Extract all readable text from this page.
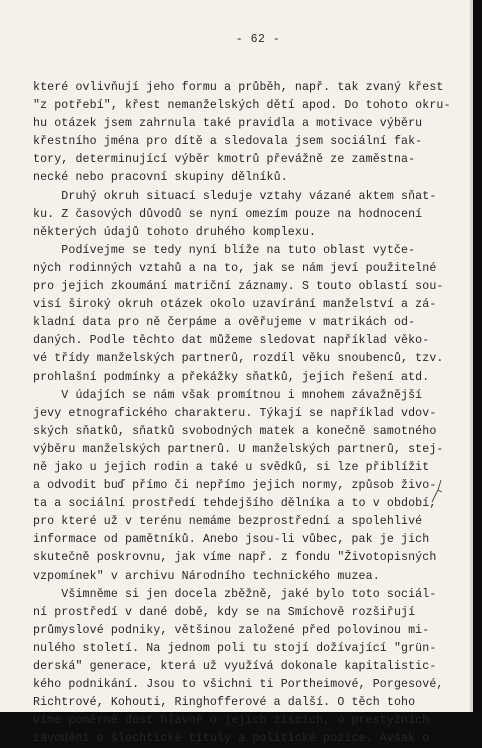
- 62 -
které ovlivňují jeho formu a průběh, např. tak zvaný křest
"z potřebí", křest nemanželských dětí apod. Do tohoto okru-
hu otázek jsem zahrnula také pravidla a motivace výběru
křestního jména pro dítě a sledovala jsem sociální fak-
tory, determinující výběr kmotrů převážně ze zaměstna-
necké nebo pracovní skupiny dělníků.
Druhý okruh situací sleduje vztahy vázané aktem sňat-
ku. Z časových důvodů se nyní omezím pouze na hodnocení
některých údajů tohoto druhého komplexu.
Podívejme se tedy nyní blíže na tuto oblast vytče-
ných rodinných vztahů a na to, jak se nám jeví použitelné
pro jejich zkoumání matriční záznamy. S touto oblastí sou-
visí široký okruh otázek okolo uzavírání manželství a zá-
kladní data pro ně čerpáme a ověřujeme v matrikách od-
daných. Podle těchto dat můžeme sledovat například věko-
vé třídy manželských partnerů, rozdíl věku snoubenců, tzv.
prohlašní podmínky a překážky sňatků, jejich řešení atd.
V údajích se nám však promítnou i mnohem závažnější
jevy etnografického charakteru. Týkají se například vdov-
ských sňatků, sňatků svobodných matek a konečně samotného
výběru manželských partnerů. U manželských partnerů, stej-
ně jako u jejich rodin a také u svědků, si lze přiblížit
a odvodit buď přímo či nepřímo jejich normy, způsob živo-
ta a sociální prostředí tehdejšího dělníka a to v období,
pro které už v terénu nemáme bezprostřední a spolehlivé
informace od pamětníků. Anebo jsou-li vůbec, pak je jich
skutečně poskrovnu, jak víme např. z fondu "Životopisných
vzpomínek" v archivu Národního technického muzea.
Všimněme si jen docela zběžně, jaké bylo toto sociál-
ní prostředí v dané době, kdy se na Smíchově rozšiřují
průmyslové podniky, většinou založené před polovinou mi-
nulého století. Na jednom poli tu stojí dožívající "grün-
derská" generace, která už využívá dokonale kapitalistic-
kého podnikání. Jsou to všichni ti Portheimové, Porgesové,
Richtrové, Kohouti, Ringhofferové a další. O těch toho
víme poměrně dost hlavně o jejich ziscích, o prestyžních
závodění o šlechtické tituly a politické pozice. Avšak o
